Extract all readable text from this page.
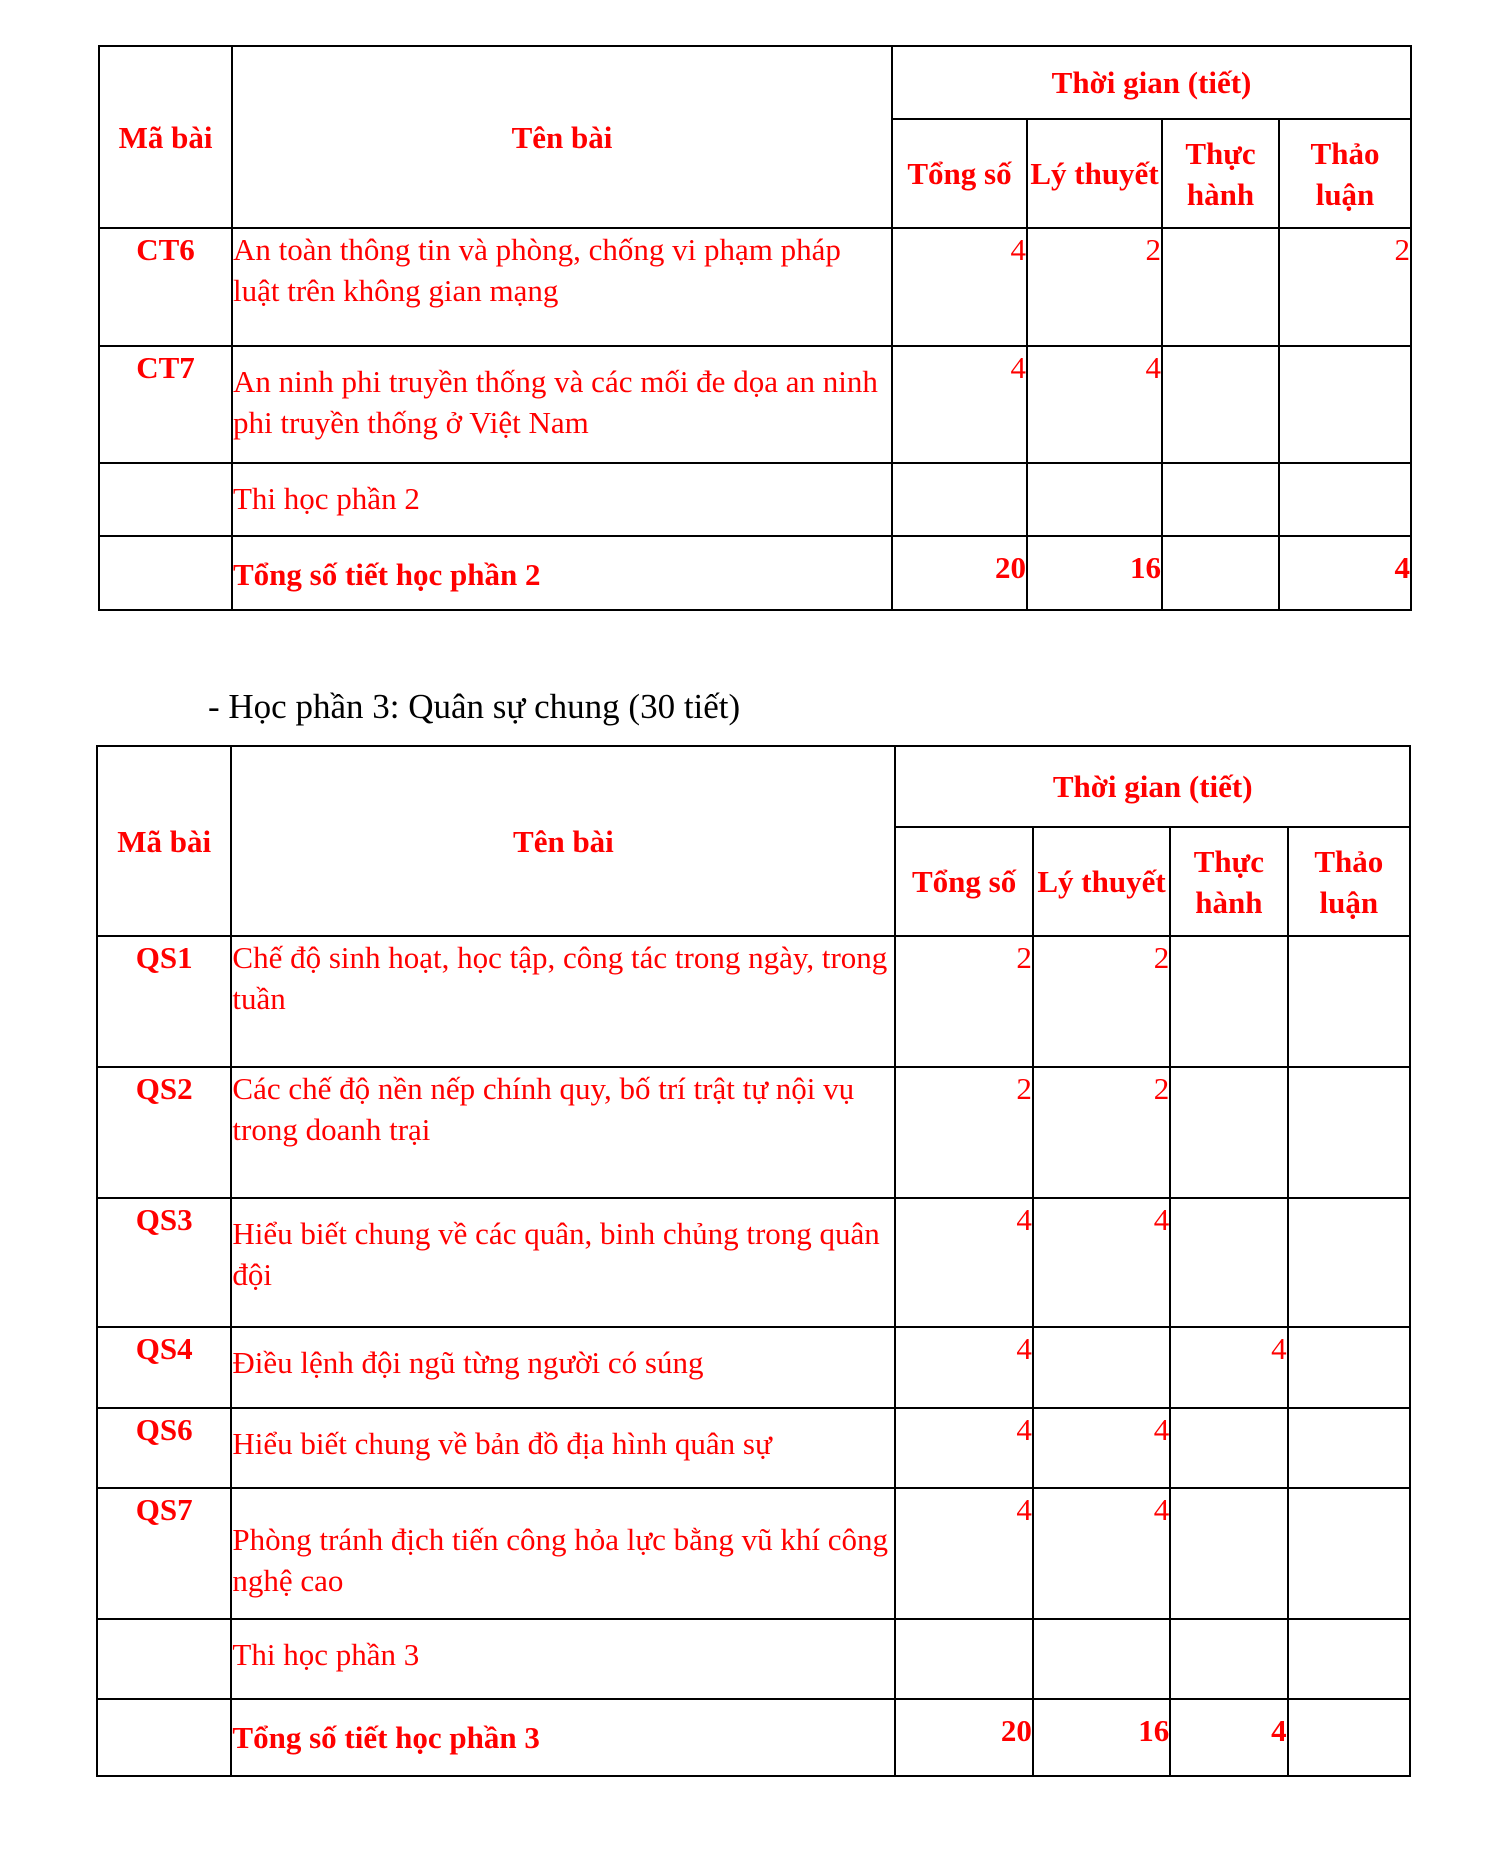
Mã bài	Tên bài	Thời gian (tiết)			
		Tổng số	Lý thuyết	Thực hành	Thảo luận
CT6	An toàn thông tin và phòng, chống vi phạm pháp luật trên không gian mạng	4	2		2
CT7	An ninh phi truyền thống và các mối đe dọa an ninh phi truyền thống ở Việt Nam	4	4		
	Thi học phần 2				
	Tổng số tiết học phần 2	20	16		4
- Học phần 3: Quân sự chung (30 tiết)
Mã bài	Tên bài	Thời gian (tiết)			
		Tổng số	Lý thuyết	Thực hành	Thảo luận
QS1	Chế độ sinh hoạt, học tập, công tác trong ngày, trong tuần	2	2		
QS2	Các chế độ nền nếp chính quy, bố trí trật tự nội vụ trong doanh trại	2	2		
QS3	Hiểu biết chung về các quân, binh chủng trong quân đội	4	4		
QS4	Điều lệnh đội ngũ từng người có súng	4		4	
QS6	Hiểu biết chung về bản đồ địa hình quân sự	4	4		
QS7	Phòng tránh địch tiến công hỏa lực bằng vũ khí công nghệ cao	4	4		
	Thi học phần 3				
	Tổng số tiết học phần 3	20	16	4	
